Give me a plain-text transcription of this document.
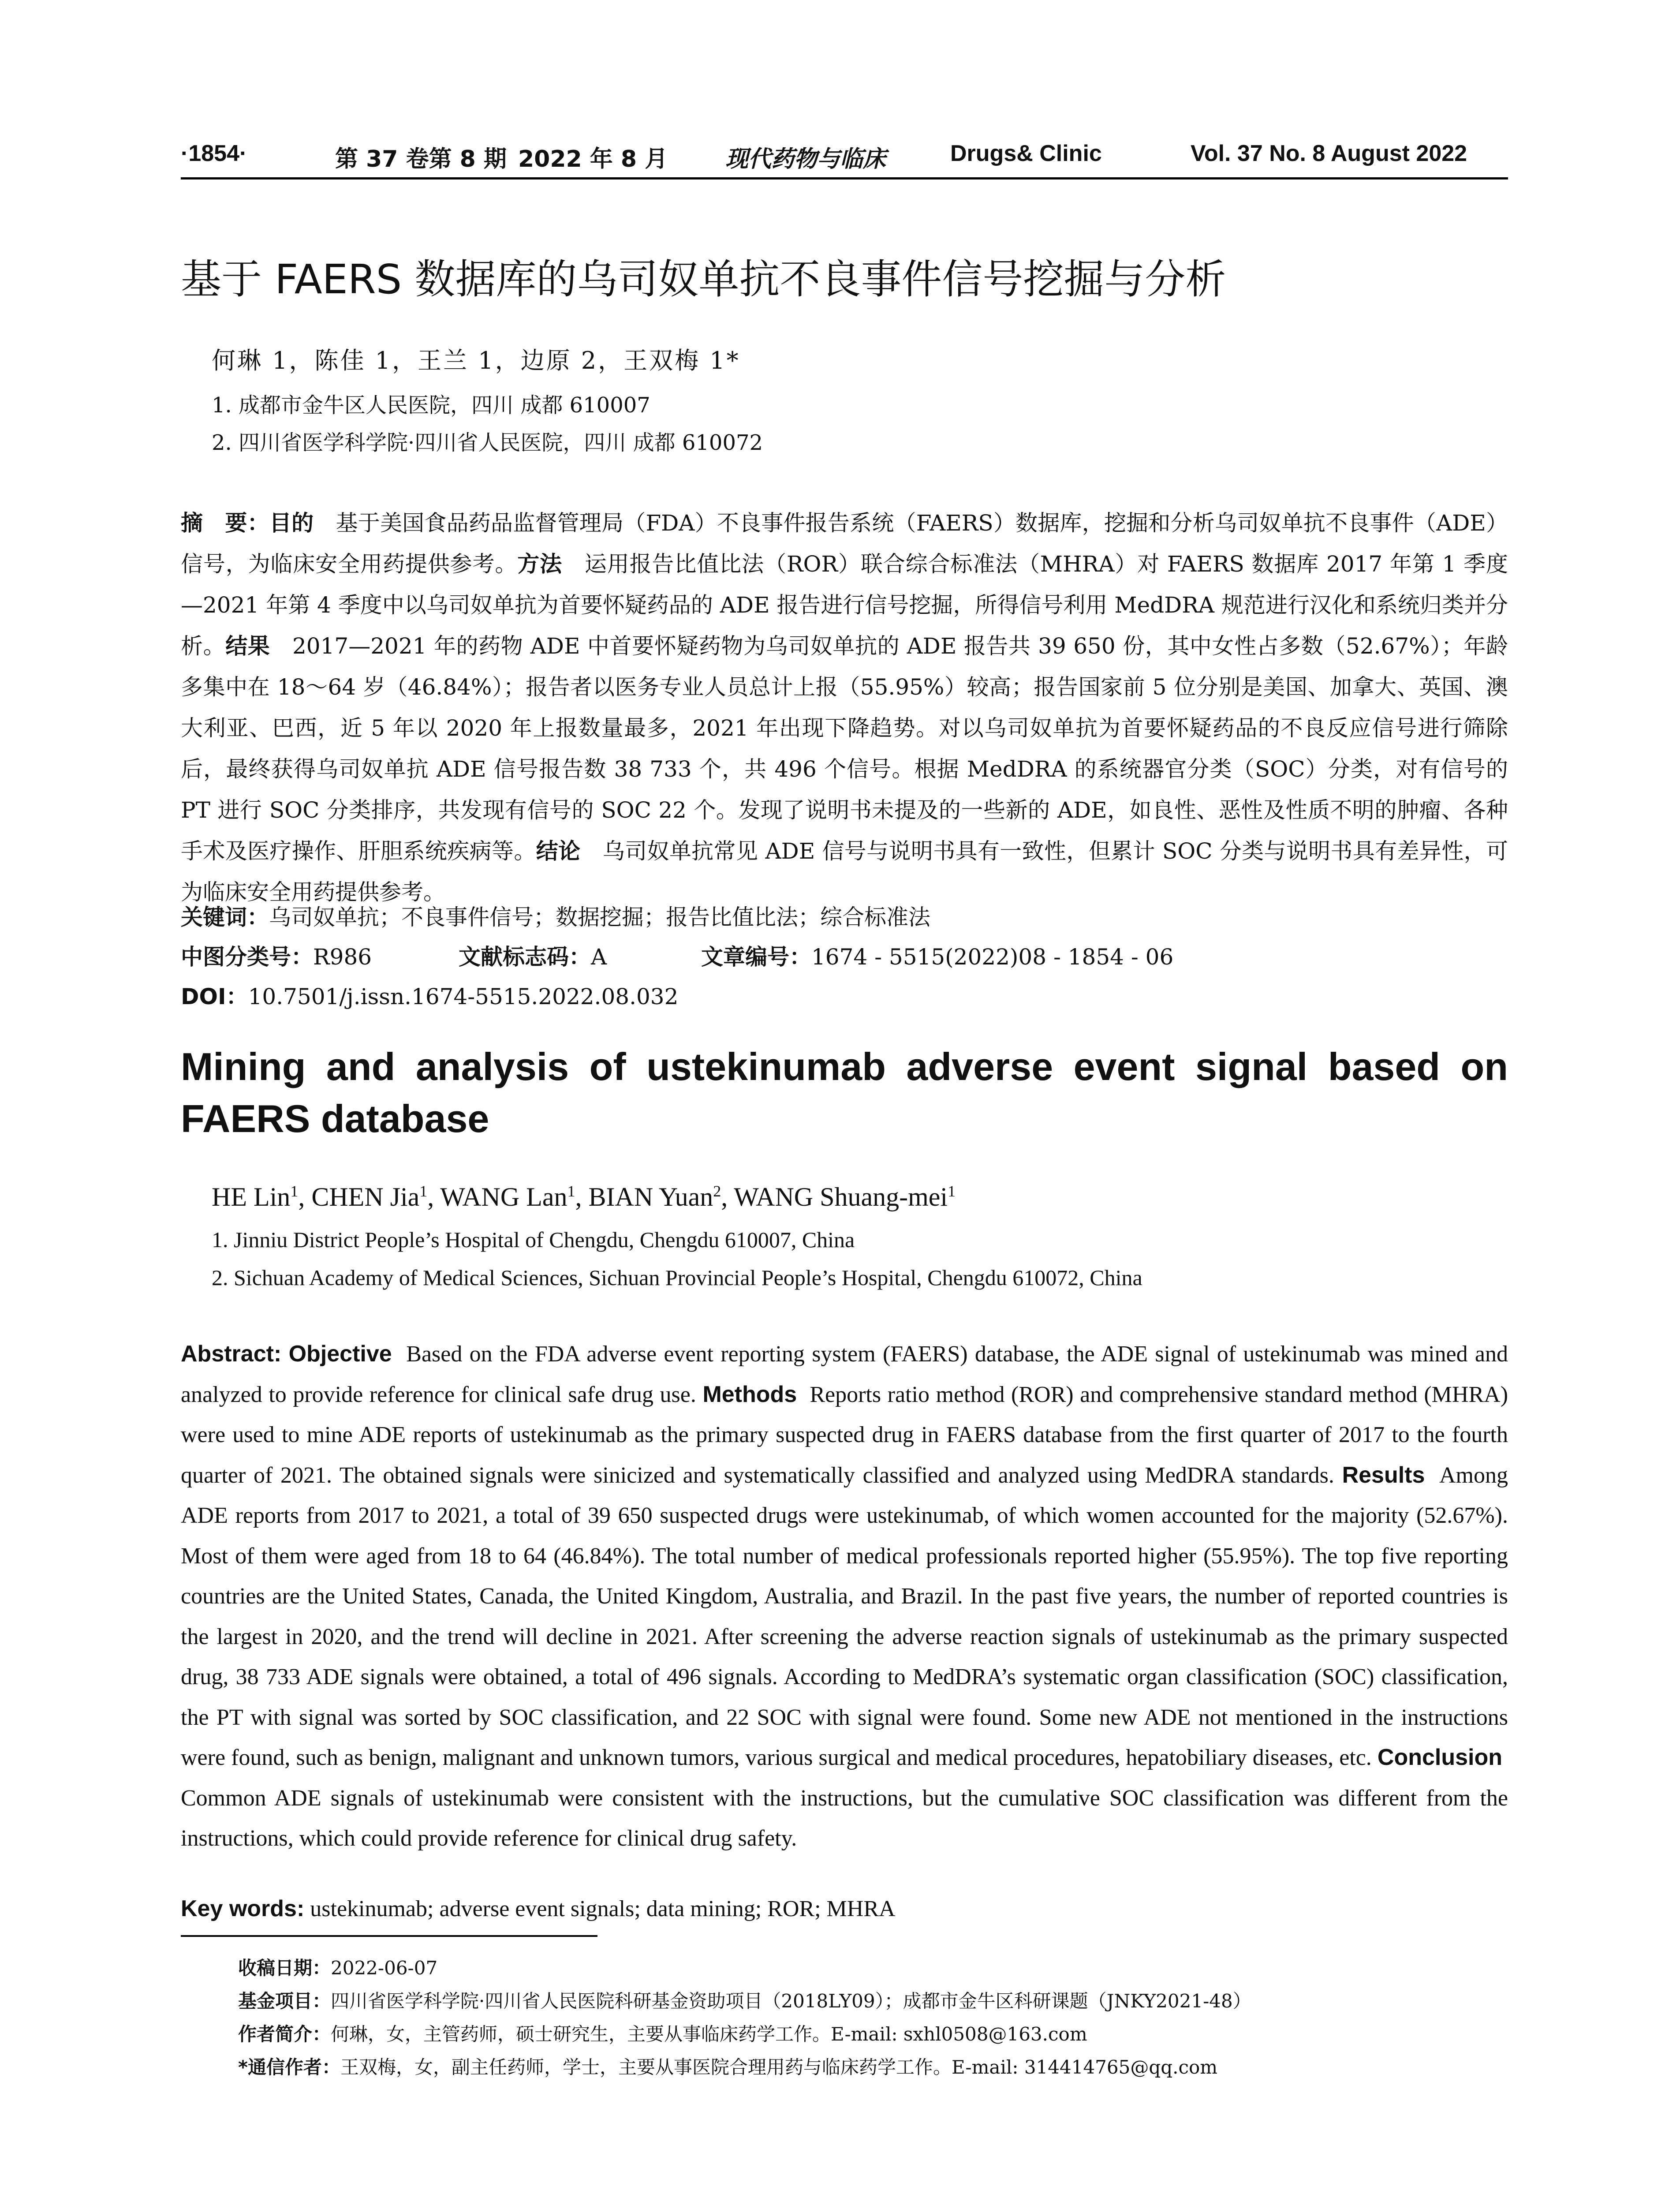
·1854·	第 37 卷第 8 期 2022 年 8 月	现代药物与临床	Drugs& Clinic	Vol. 37 No. 8 August 2022
基于 FAERS 数据库的乌司奴单抗不良事件信号挖掘与分析
何琳 1，陈佳 1，王兰 1，边原 2，王双梅 1*
1. 成都市金牛区人民医院，四川 成都 610007
2. 四川省医学科学院·四川省人民医院，四川 成都 610072
摘　要：目的　 基于美国食品药品监督管理局（FDA）不良事件报告系统（FAERS）数据库，挖掘和分析乌司奴单抗不良事件（ADE）信号，为临床安全用药提供参考。方法　 运用报告比值比法（ROR）联合综合标准法（MHRA）对 FAERS 数据库 2017 年第 1 季度—2021 年第 4 季度中以乌司奴单抗为首要怀疑药品的 ADE 报告进行信号挖掘，所得信号利用 MedDRA 规范进行汉化和系统归类并分析。结果　 2017—2021 年的药物 ADE 中首要怀疑药物为乌司奴单抗的 ADE 报告共 39 650 份，其中女性占多数（52.67%）；年龄多集中在 18～64 岁（46.84%）；报告者以医务专业人员总计上报（55.95%）较高；报告国家前 5 位分别是美国、加拿大、英国、澳大利亚、巴西，近 5 年以 2020 年上报数量最多，2021 年出现下降趋势。对以乌司奴单抗为首要怀疑药品的不良反应信号进行筛除后，最终获得乌司奴单抗 ADE 信号报告数 38 733 个，共 496 个信号。根据 MedDRA 的系统器官分类（SOC）分类，对有信号的 PT 进行 SOC 分类排序，共发现有信号的 SOC 22 个。发现了说明书未提及的一些新的 ADE，如良性、恶性及性质不明的肿瘤、各种手术及医疗操作、肝胆系统疾病等。结论　 乌司奴单抗常见 ADE 信号与说明书具有一致性，但累计 SOC 分类与说明书具有差异性，可为临床安全用药提供参考。
关键词：乌司奴单抗；不良事件信号；数据挖掘；报告比值比法；综合标准法
中图分类号：R986	文献标志码：A	文章编号：1674 - 5515(2022)08 - 1854 - 06
DOI：10.7501/j.issn.1674-5515.2022.08.032
Mining and analysis of ustekinumab adverse event signal based on FAERS database
HE Lin$^1$, CHEN Jia$^1$, WANG Lan$^1$, BIAN Yuan$^2$, WANG Shuang-mei$^1$
1. Jinniu District People’s Hospital of Chengdu, Chengdu 610007, China
2. Sichuan Academy of Medical Sciences, Sichuan Provincial People’s Hospital, Chengdu 610072, China
Abstract: Objective Based on the FDA adverse event reporting system (FAERS) database, the ADE signal of ustekinumab was mined and analyzed to provide reference for clinical safe drug use. Methods Reports ratio method (ROR) and comprehensive standard method (MHRA) were used to mine ADE reports of ustekinumab as the primary suspected drug in FAERS database from the first quarter of 2017 to the fourth quarter of 2021. The obtained signals were sinicized and systematically classified and analyzed using MedDRA standards. Results Among ADE reports from 2017 to 2021, a total of 39 650 suspected drugs were ustekinumab, of which women accounted for the majority (52.67%). Most of them were aged from 18 to 64 (46.84%). The total number of medical professionals reported higher (55.95%). The top five reporting countries are the United States, Canada, the United Kingdom, Australia, and Brazil. In the past five years, the number of reported countries is the largest in 2020, and the trend will decline in 2021. After screening the adverse reaction signals of ustekinumab as the primary suspected drug, 38 733 ADE signals were obtained, a total of 496 signals. According to MedDRA’s systematic organ classification (SOC) classification, the PT with signal was sorted by SOC classification, and 22 SOC with signal were found. Some new ADE not mentioned in the instructions were found, such as benign, malignant and unknown tumors, various surgical and medical procedures, hepatobiliary diseases, etc. Conclusion  Common ADE signals of ustekinumab were consistent with the instructions, but the cumulative SOC classification was different from the instructions, which could provide reference for clinical drug safety.
Key words: ustekinumab; adverse event signals; data mining; ROR; MHRA
收稿日期：2022-06-07
基金项目：四川省医学科学院·四川省人民医院科研基金资助项目（2018LY09）；成都市金牛区科研课题（JNKY2021-48）
作者简介：何琳，女，主管药师，硕士研究生，主要从事临床药学工作。E-mail: sxhl0508@163.com
*通信作者：王双梅，女，副主任药师，学士，主要从事医院合理用药与临床药学工作。E-mail: 314414765@qq.com
